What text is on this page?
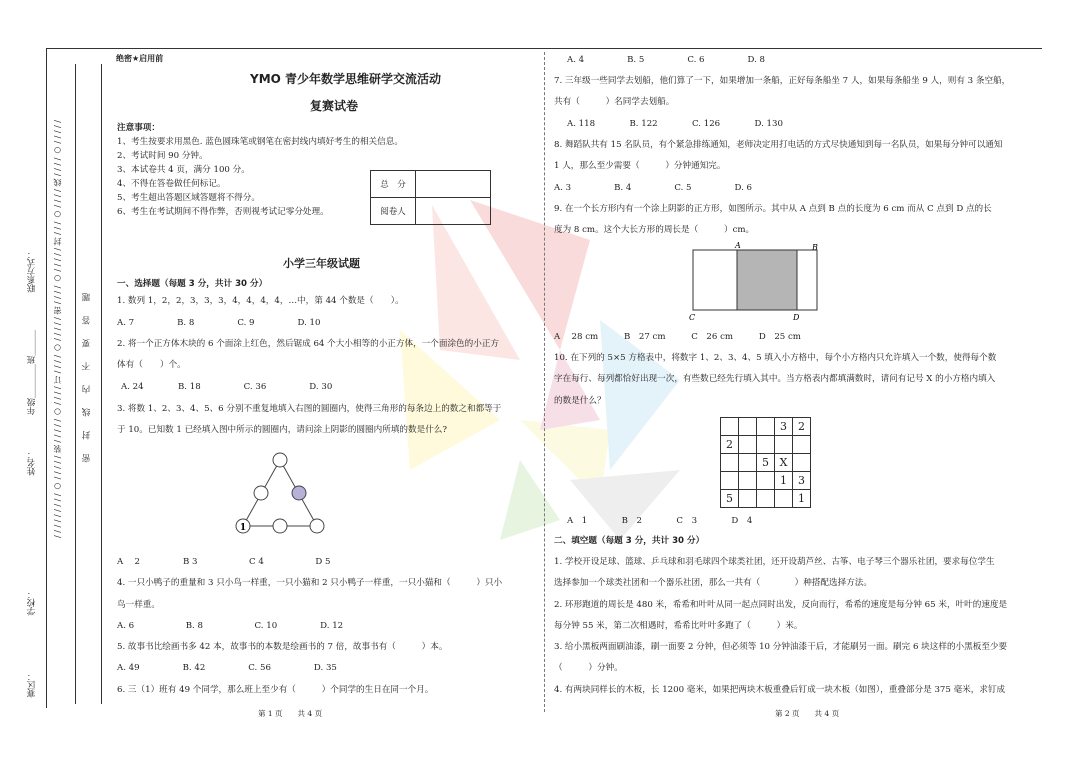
联系方式：
年级＿＿＿＿班＿＿＿
姓名：
学校：
赛区：
/ / / / / / / / / ○ / / / / / 装 / / / / / ○ / / / / 订 / / / / ○ / / / / / 密 / / / / ○ / / / / / 封 / / / ○ / / / / 线 / / / / ○ / / / / / 密　封　线　内　不　要　答　题
绝密★启用前
YMO 青少年数学思维研学交流活动
复赛试卷
注意事项：
1、考生按要求用黑色. 蓝色圆珠笔或钢笔在密封线内填好考生的相关信息。
2、考试时间 90 分钟。
3、本试卷共 4 页，满分 100 分。
4、不得在答卷做任何标记。
5、考生超出答题区域答题将不得分。
6、考生在考试期间不得作弊，否则视考试记零分处理。
总　分	
阅卷人	
小学三年级试题
一、选择题（每题 3 分，共计 30 分）
1. 数列 1，2，2，3，3，3，4，4，4，4，…中，第 44 个数是（　　）。
A. 7　　　　　B. 8　　　　　C. 9　　　　　D. 10
2. 将一个正方体木块的 6 个面涂上红色，然后锯成 64 个大小相等的小正方体，一个面涂色的小正方
体有（　　）个。
A. 24　　　　B. 18　　　　　C. 36　　　　　D. 30
3. 将数 1、2、3、4、5、6 分别不重复地填入右图的圆圈内，使得三角形的每条边上的数之和都等于
于 10。已知数 1 已经填入图中所示的圆圈内，请问涂上阴影的圆圈内所填的数是什么?
1
A　 2　　　　　B 3　　　　　　C 4　　　　　　D 5
4. 一只小鸭子的重量和 3 只小鸟一样重，一只小猫和 2 只小鸭子一样重，一只小猫和（　　　）只小
鸟一样重。
A. 6　　　　　　B. 8　　　　　　C. 10　　　　　D. 12
5. 故事书比绘画书多 42 本，故事书的本数是绘画书的 7 倍，故事书有（　　　）本。
A. 49　　　　　B. 42　　　　　C. 56　　　　　D. 35
6. 三（1）班有 49 个同学，那么班上至少有（　　　）个同学的生日在同一个月。
第 1 页　　共 4 页
A. 4　　　　　B. 5　　　　　C. 6　　　　　D. 8
7. 三年级一些同学去划船，他们算了一下，如果增加一条船，正好每条船坐 7 人，如果每条船坐 9 人，则有 3 条空船，
共有（　　　）名同学去划船。
A. 118　　　　B. 122　　　　C. 126　　　　D. 130
8. 舞蹈队共有 15 名队员，有个紧急排练通知，老师决定用打电话的方式尽快通知到每一名队员，如果每分钟可以通知
1 人，那么至少需要（　　　）分钟通知完。
A. 3　　　　　B. 4　　　　　C. 5　　　　　D. 6
9. 在一个长方形内有一个涂上阴影的正方形，如图所示。其中从 A 点到 B 点的长度为 6 cm 而从 C 点到 D 点的长
度为 8 cm。这个大长方形的周长是（　　　）cm。
A	B
C	D
A　 28 cm　　　B　27 cm　　　C　26 cm　　　D　25 cm
10. 在下列的 5×5 方格表中，将数字 1、2、3、4、5 填入小方格中，每个小方格内只允许填入一个数，使得每个数
字在每行、每列都恰好出现一次，有些数已经先行填入其中。当方格表内都填满数时，请问有记号 X 的小方格内填入
的数是什么？
			3	2
2				
		5	X	
			1	3
5				1
A　1　　　　B　2　　　　C　3　　　　D　4
二、填空题（每题 3 分，共计 30 分）
1. 学校开设足球、篮球、乒乓球和羽毛球四个球类社团，还开设葫芦丝、古筝、电子琴三个器乐社团，要求每位学生
选择参加一个球类社团和一个器乐社团，那么一共有（　　　　）种搭配选择方法。
2. 环形跑道的周长是 480 米，希希和叶叶从同一起点同时出发，反向而行，希希的速度是每分钟 65 米，叶叶的速度是
每分钟 55 米，第二次相遇时，希希比叶叶多跑了（　　　）米。
3. 给小黑板两面刷油漆，刷一面要 2 分钟，但必须等 10 分钟油漆干后，才能刷另一面。刷完 6 块这样的小黑板至少要
（　　　）分钟。
4. 有两块同样长的木板，长 1200 毫米，如果把两块木板重叠后钉成一块木板（如图），重叠部分是 375 毫米，求钉成
第 2 页　　共 4 页
